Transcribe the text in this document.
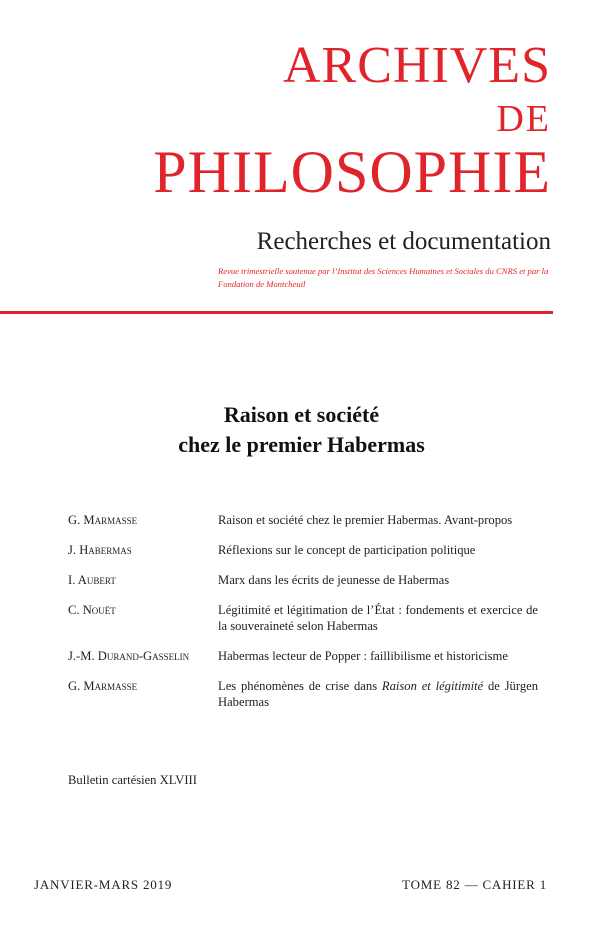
ARCHIVES
DE
PHILOSOPHIE
Recherches et documentation
Revue trimestrielle soutenue par l’Institut des Sciences Humaines et Sociales du CNRS et par la Fondation de Montcheuil
Raison et société
chez le premier Habermas
G. Marmasse	Raison et société chez le premier Habermas. Avant-propos
J. Habermas	Réflexions sur le concept de participation politique
I. Aubert	Marx dans les écrits de jeunesse de Habermas
C. Nouët	Légitimité et légitimation de l’État : fondements et exercice de la souveraineté selon Habermas
J.-M. Durand-Gasselin	Habermas lecteur de Popper : faillibilisme et historicisme
G. Marmasse	Les phénomènes de crise dans Raison et légitimité de Jürgen Habermas
Bulletin cartésien XLVIII
JANVIER-MARS 2019	TOME 82 — CAHIER 1
